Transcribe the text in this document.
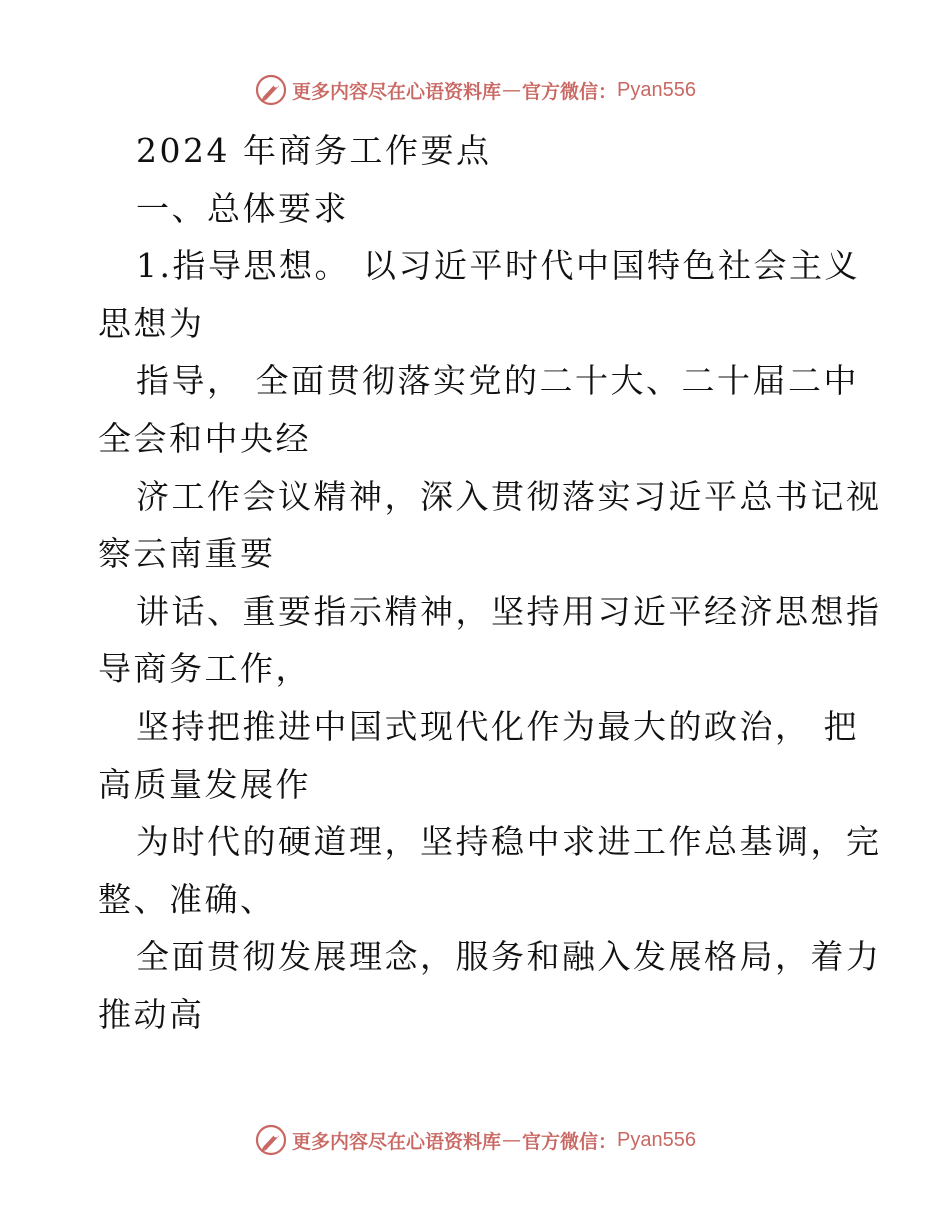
更多内容尽在心语资料库 — 官方微信： Pyan556
2024 年商务工作要点
一、总体要求
1.指导思想。 以习近平时代中国特色社会主义
思想为
指导， 全面贯彻落实党的二十大、二十届二中
全会和中央经
济工作会议精神，深入贯彻落实习近平总书记视
察云南重要
讲话、重要指示精神，坚持用习近平经济思想指
导商务工作，
坚持把推进中国式现代化作为最大的政治， 把
高质量发展作
为时代的硬道理，坚持稳中求进工作总基调，完
整、准确、
全面贯彻发展理念，服务和融入发展格局，着力
推动高
更多内容尽在心语资料库 — 官方微信： Pyan556
